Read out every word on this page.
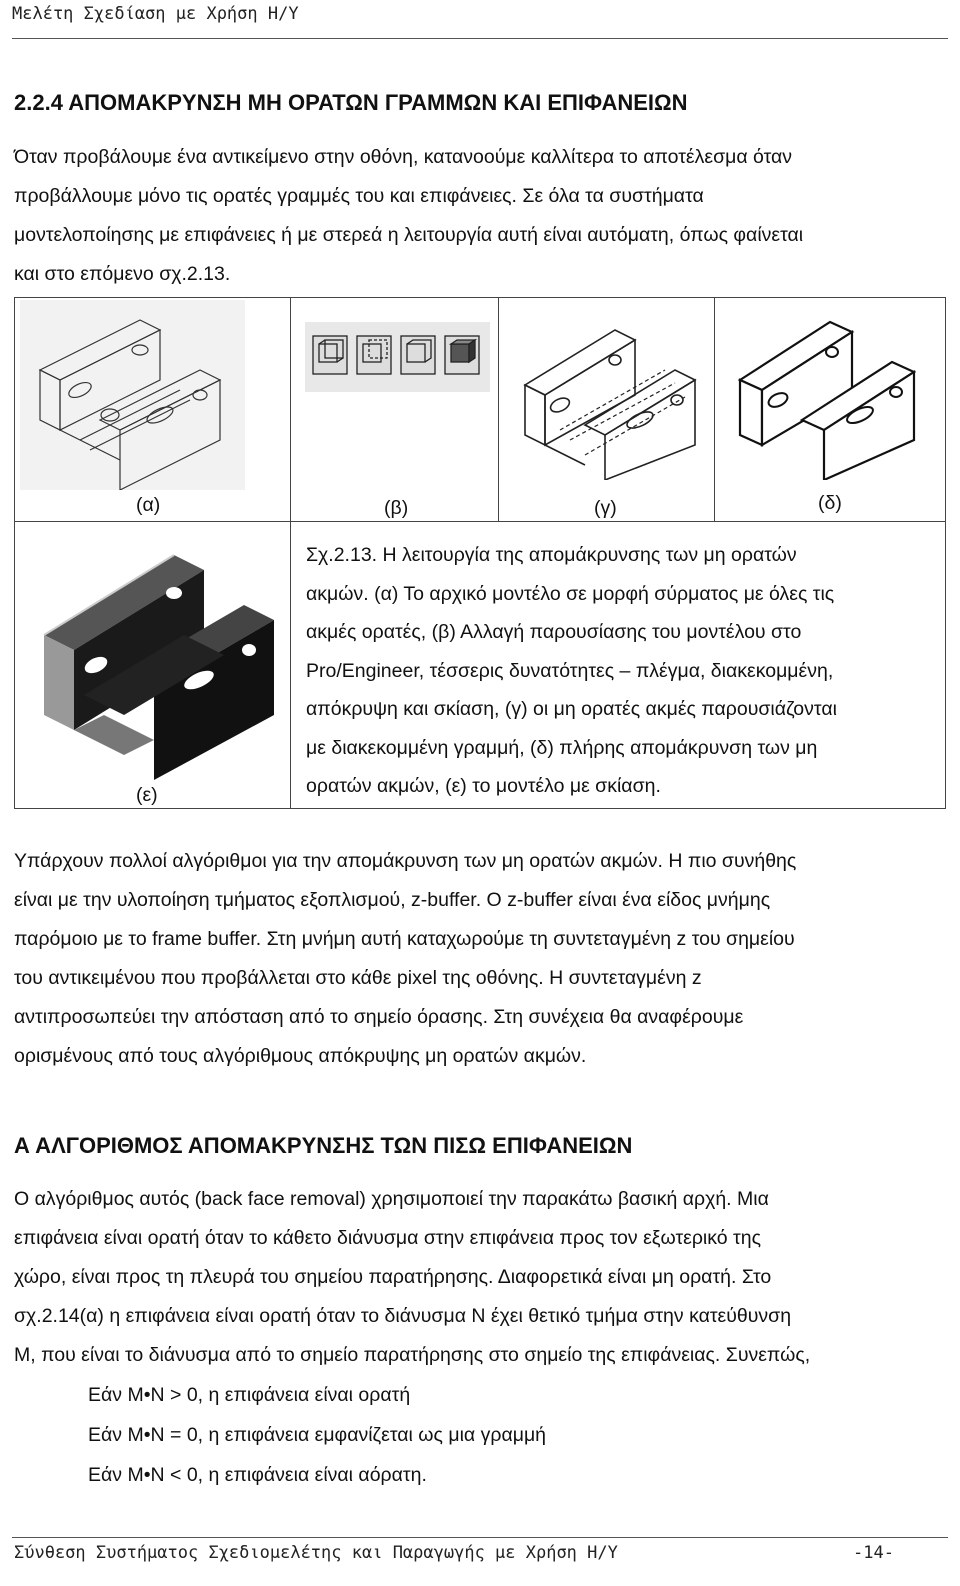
Μελέτη Σχεδίαση με Χρήση Η/Υ
2.2.4 ΑΠΟΜΑΚΡΥΝΣΗ ΜΗ ΟΡΑΤΩΝ ΓΡΑΜΜΩΝ ΚΑΙ ΕΠΙΦΑΝΕΙΩΝ
Όταν προβάλουμε ένα αντικείμενο στην οθόνη, κατανοούμε καλλίτερα το αποτέλεσμα όταν
προβάλλουμε μόνο τις ορατές γραμμές του και επιφάνειες. Σε όλα τα συστήματα
μοντελοποίησης με επιφάνειες ή με στερεά η λειτουργία αυτή είναι αυτόματη, όπως φαίνεται
και στο επόμενο σχ.2.13.
(α)	(β)	(γ)	(δ)
(ε)
Σχ.2.13. Η λειτουργία της απομάκρυνσης των μη ορατών
ακμών. (α) Το αρχικό μοντέλο σε μορφή σύρματος με όλες τις
ακμές ορατές, (β) Αλλαγή παρουσίασης του μοντέλου στο
Pro/Engineer, τέσσερις δυνατότητες – πλέγμα, διακεκομμένη,
απόκρυψη και σκίαση, (γ) οι μη ορατές ακμές παρουσιάζονται
με διακεκομμένη γραμμή, (δ) πλήρης απομάκρυνση των μη
ορατών ακμών, (ε) το μοντέλο με σκίαση.
Υπάρχουν πολλοί αλγόριθμοι για την απομάκρυνση των μη ορατών ακμών. Η πιο συνήθης
είναι με την υλοποίηση τμήματος εξοπλισμού, z-buffer. Ο z-buffer είναι ένα είδος μνήμης
παρόμοιο με το frame buffer. Στη μνήμη αυτή καταχωρούμε τη συντεταγμένη z του σημείου
του αντικειμένου που προβάλλεται στο κάθε pixel της οθόνης. Η συντεταγμένη z
αντιπροσωπεύει την απόσταση από το σημείο όρασης. Στη συνέχεια θα αναφέρουμε
ορισμένους από τους αλγόριθμους απόκρυψης μη ορατών ακμών.
Α ΑΛΓΟΡΙΘΜΟΣ ΑΠΟΜΑΚΡΥΝΣΗΣ ΤΩΝ ΠΙΣΩ ΕΠΙΦΑΝΕΙΩΝ
Ο αλγόριθμος αυτός (back face removal) χρησιμοποιεί την παρακάτω βασική αρχή. Μια
επιφάνεια είναι ορατή όταν το κάθετο διάνυσμα στην επιφάνεια προς τον εξωτερικό της
χώρο, είναι προς τη πλευρά του σημείου παρατήρησης. Διαφορετικά είναι μη ορατή. Στο
σχ.2.14(α) η επιφάνεια είναι ορατή όταν το διάνυσμα Ν έχει θετικό τμήμα στην κατεύθυνση
Μ, που είναι το διάνυσμα από το σημείο παρατήρησης στο σημείο της επιφάνειας. Συνεπώς,
Εάν Μ•Ν > 0, η επιφάνεια είναι ορατή
Εάν Μ•Ν = 0, η επιφάνεια εμφανίζεται ως μια γραμμή
Εάν Μ•Ν < 0, η επιφάνεια είναι αόρατη.
Σύνθεση Συστήματος Σχεδιομελέτης και Παραγωγής με Χρήση Η/Υ	-14-
